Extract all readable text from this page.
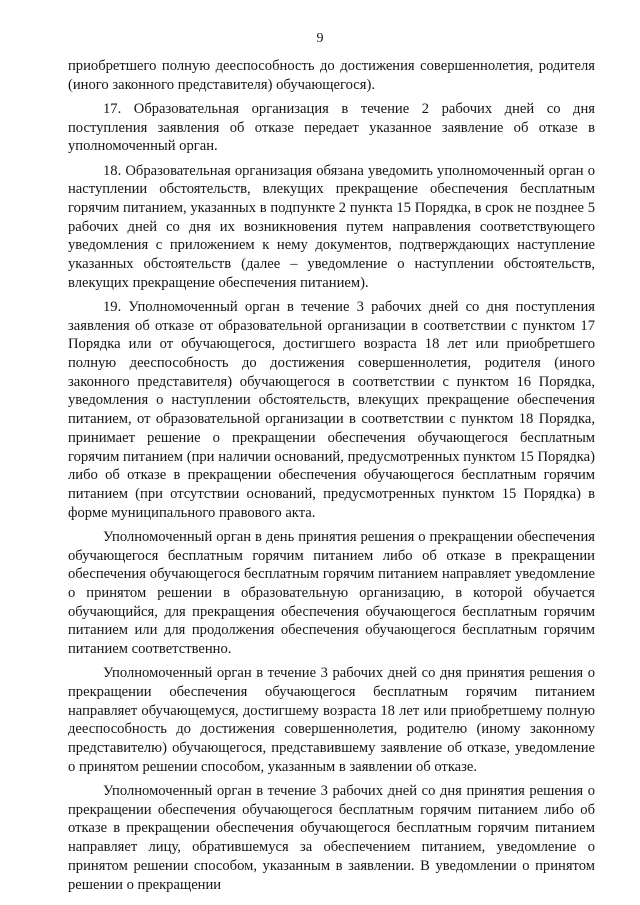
9

приобретшего полную дееспособность до достижения совершеннолетия, родителя (иного законного представителя) обучающегося).

17. Образовательная организация в течение 2 рабочих дней со дня поступления заявления об отказе передает указанное заявление об отказе в уполномоченный орган.

18. Образовательная организация обязана уведомить уполномоченный орган о наступлении обстоятельств, влекущих прекращение обеспечения бесплатным горячим питанием, указанных в подпункте 2 пункта 15 Порядка, в срок не позднее 5 рабочих дней со дня их возникновения путем направления соответствующего уведомления с приложением к нему документов, подтверждающих наступление указанных обстоятельств (далее – уведомление о наступлении обстоятельств, влекущих прекращение обеспечения питанием).

19. Уполномоченный орган в течение 3 рабочих дней со дня поступления заявления об отказе от образовательной организации в соответствии с пунктом 17 Порядка или от обучающегося, достигшего возраста 18 лет или приобретшего полную дееспособность до достижения совершеннолетия, родителя (иного законного представителя) обучающегося в соответствии с пунктом 16 Порядка, уведомления о наступлении обстоятельств, влекущих прекращение обеспечения питанием, от образовательной организации в соответствии с пунктом 18 Порядка, принимает решение о прекращении обеспечения обучающегося бесплатным горячим питанием (при наличии оснований, предусмотренных пунктом 15 Порядка) либо об отказе в прекращении обеспечения обучающегося бесплатным горячим питанием (при отсутствии оснований, предусмотренных пунктом 15 Порядка) в форме муниципального правового акта.

Уполномоченный орган в день принятия решения о прекращении обеспечения обучающегося бесплатным горячим питанием либо об отказе в прекращении обеспечения обучающегося бесплатным горячим питанием направляет уведомление о принятом решении в образовательную организацию, в которой обучается обучающийся, для прекращения обеспечения обучающегося бесплатным горячим питанием или для продолжения обеспечения обучающегося бесплатным горячим питанием соответственно.

Уполномоченный орган в течение 3 рабочих дней со дня принятия решения о прекращении обеспечения обучающегося бесплатным горячим питанием направляет обучающемуся, достигшему возраста 18 лет или приобретшему полную дееспособность до достижения совершеннолетия, родителю (иному законному представителю) обучающегося, представившему заявление об отказе, уведомление о принятом решении способом, указанным в заявлении об отказе.

Уполномоченный орган в течение 3 рабочих дней со дня принятия решения о прекращении обеспечения обучающегося бесплатным горячим питанием либо об отказе в прекращении обеспечения обучающегося бесплатным горячим питанием направляет лицу, обратившемуся за обеспечением питанием, уведомление о принятом решении способом, указанным в заявлении. В уведомлении о принятом решении о прекращении
